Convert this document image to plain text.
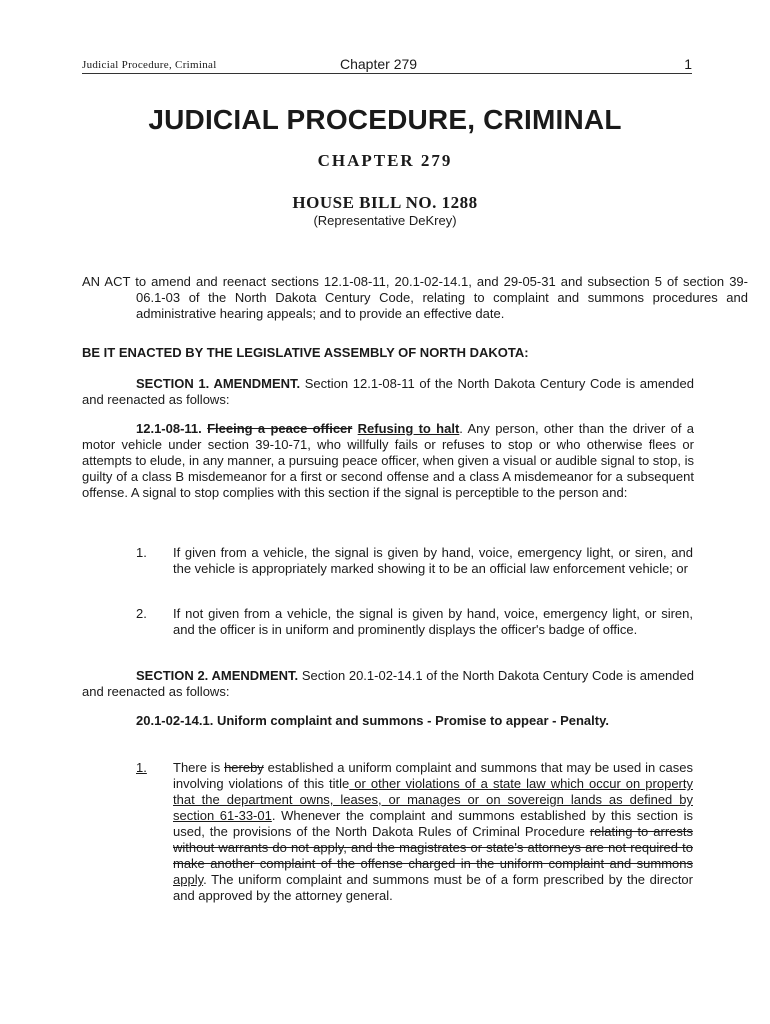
Judicial Procedure, Criminal	Chapter 279	1
JUDICIAL PROCEDURE, CRIMINAL
CHAPTER 279
HOUSE BILL NO. 1288
(Representative DeKrey)
AN ACT to amend and reenact sections 12.1-08-11, 20.1-02-14.1, and 29-05-31 and subsection 5 of section 39-06.1-03 of the North Dakota Century Code, relating to complaint and summons procedures and administrative hearing appeals; and to provide an effective date.
BE IT ENACTED BY THE LEGISLATIVE ASSEMBLY OF NORTH DAKOTA:
SECTION 1. AMENDMENT. Section 12.1-08-11 of the North Dakota Century Code is amended and reenacted as follows:
12.1-08-11. Fleeing a peace officer Refusing to halt. Any person, other than the driver of a motor vehicle under section 39-10-71, who willfully fails or refuses to stop or who otherwise flees or attempts to elude, in any manner, a pursuing peace officer, when given a visual or audible signal to stop, is guilty of a class B misdemeanor for a first or second offense and a class A misdemeanor for a subsequent offense. A signal to stop complies with this section if the signal is perceptible to the person and:
1. If given from a vehicle, the signal is given by hand, voice, emergency light, or siren, and the vehicle is appropriately marked showing it to be an official law enforcement vehicle; or
2. If not given from a vehicle, the signal is given by hand, voice, emergency light, or siren, and the officer is in uniform and prominently displays the officer's badge of office.
SECTION 2. AMENDMENT. Section 20.1-02-14.1 of the North Dakota Century Code is amended and reenacted as follows:
20.1-02-14.1. Uniform complaint and summons - Promise to appear - Penalty.
1. There is hereby established a uniform complaint and summons that may be used in cases involving violations of this title or other violations of a state law which occur on property that the department owns, leases, or manages or on sovereign lands as defined by section 61-33-01. Whenever the complaint and summons established by this section is used, the provisions of the North Dakota Rules of Criminal Procedure relating to arrests without warrants do not apply, and the magistrates or state's attorneys are not required to make another complaint of the offense charged in the uniform complaint and summons apply. The uniform complaint and summons must be of a form prescribed by the director and approved by the attorney general.
